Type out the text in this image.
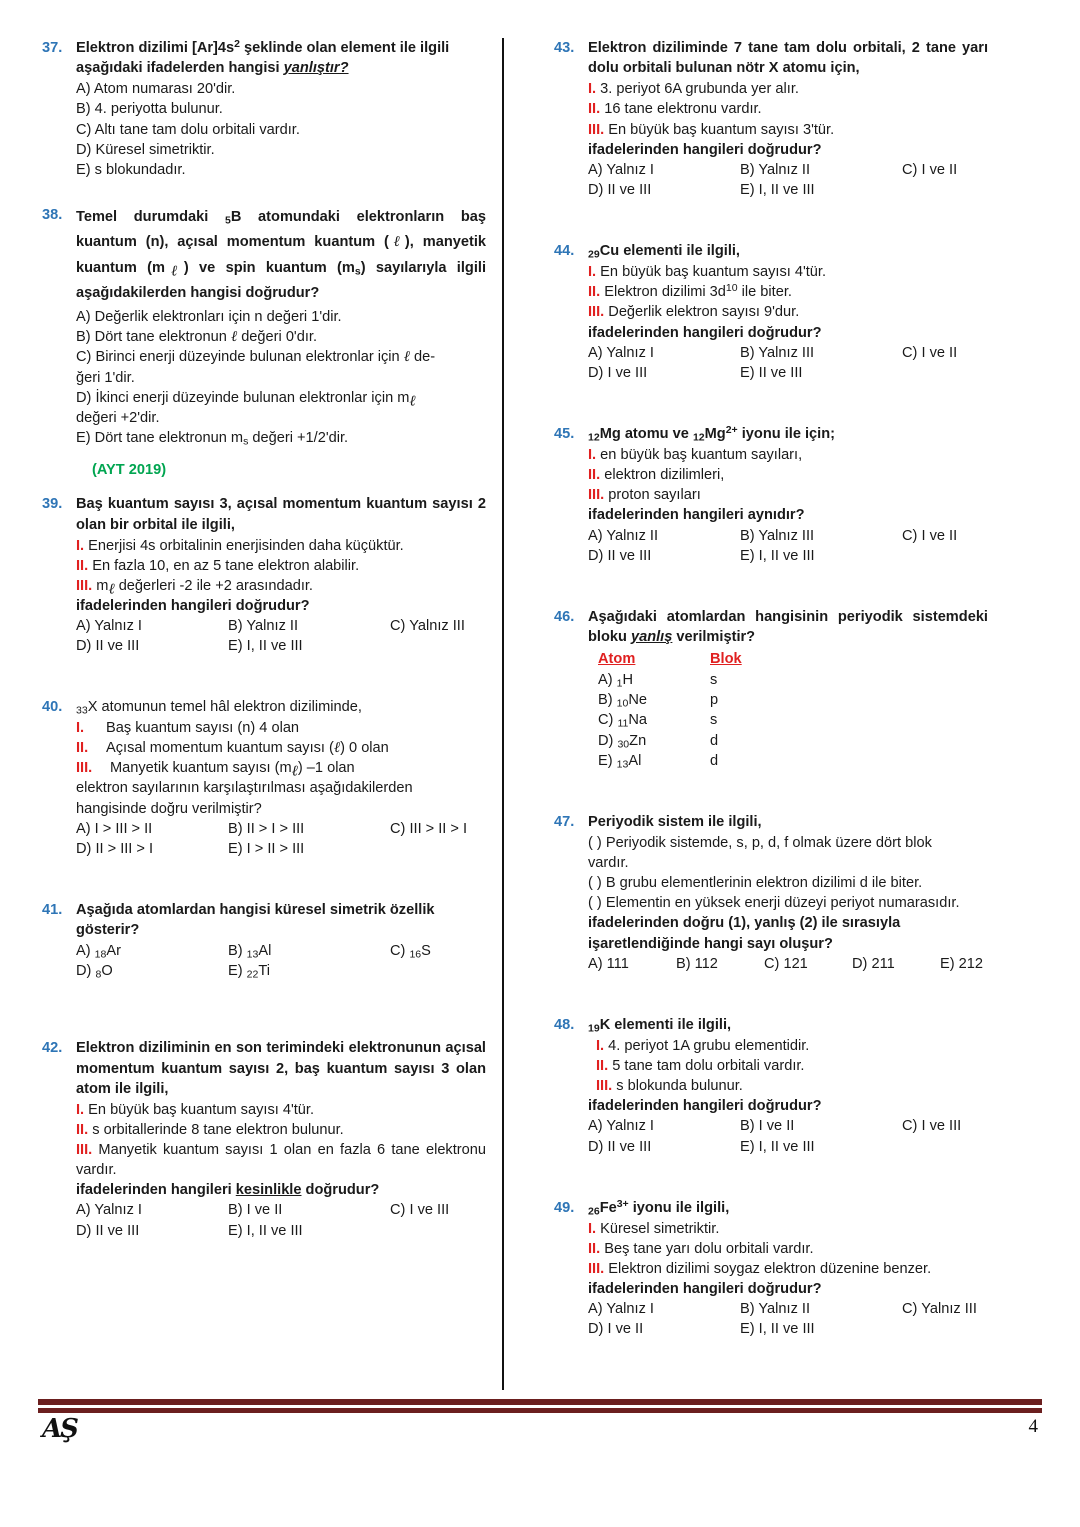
37. Elektron dizilimi $[Ar]4s^2$ şeklinde olan element ile ilgili
aşağıdaki ifadelerden hangisi yanlıştır?
A) Atom numarası 20'dir.
B) 4. periyotta bulunur.
C) Altı tane tam dolu orbitali vardır.
D) Küresel simetriktir.
E) s blokundadır.
38. Temel durumdaki $_5$B atomundaki elektronların baş kuantum (n), açısal momentum kuantum (ℓ), manyetik kuantum $(m_\ell)$ ve spin kuantum $(m_s)$ sayılarıyla ilgili aşağıdakilerden hangisi doğrudur?
A) Değerlik elektronları için n değeri 1'dir.
B) Dört tane elektronun ℓ değeri 0'dır.
C) Birinci enerji düzeyinde bulunan elektronlar için ℓ de-
ğeri 1'dir.
D) İkinci enerji düzeyinde bulunan elektronlar için $m_\ell$
değeri +2'dir.
E) Dört tane elektronun $m_s$ değeri +1/2'dir.
(AYT 2019)
39. Baş kuantum sayısı 3, açısal momentum kuantum sayısı 2 olan bir orbital ile ilgili,
I. Enerjisi 4s orbitalinin enerjisinden daha küçüktür.
II. En fazla 10, en az 5 tane elektron alabilir.
III. $m_\ell$ değerleri -2 ile +2 arasındadır.
ifadelerinden hangileri doğrudur?
A) Yalnız I	B) Yalnız II	C) Yalnız III
D) II ve III	E) I, II ve III
40.	$_{33}$X atomunun temel hâl elektron diziliminde,
I. Baş kuantum sayısı (n) 4 olan
II. Açısal momentum kuantum sayısı (ℓ) 0 olan
III. Manyetik kuantum sayısı $(m_\ell)$ –1 olan
elektron sayılarının karşılaştırılması aşağıdakilerden
hangisinde doğru verilmiştir?
A) I > III > II	B) II > I > III	C) III > II > I
D) II > III > I	E) I > II > III
41. Aşağıda atomlardan hangisi küresel simetrik özellik gösterir?
A) $_{18}$Ar	B) $_{13}$Al	C) $_{16}$S
D) $_8$O	E) $_{22}$Ti
42. Elektron diziliminin en son terimindeki elektronunun açısal momentum kuantum sayısı 2, baş kuantum sayısı 3 olan atom ile ilgili,
I. En büyük baş kuantum sayısı 4'tür.
II. s orbitallerinde 8 tane elektron bulunur.
III. Manyetik kuantum sayısı 1 olan en fazla 6 tane elektronu vardır.
ifadelerinden hangileri kesinlikle doğrudur?
A) Yalnız I	B) I ve II	C) I ve III
D) II ve III	E) I, II ve III
43. Elektron diziliminde 7 tane tam dolu orbitali, 2 tane yarı dolu orbitali bulunan nötr X atomu için,
I. 3. periyot 6A grubunda yer alır.
II. 16 tane elektronu vardır.
III. En büyük baş kuantum sayısı 3'tür.
ifadelerinden hangileri doğrudur?
A) Yalnız I	B) Yalnız II	C) I ve II
D) II ve III	E) I, II ve III
44.	$_{29}$Cu elementi ile ilgili,
I. En büyük baş kuantum sayısı 4'tür.
II. Elektron dizilimi $3d^{10}$ ile biter.
III. Değerlik elektron sayısı 9'dur.
ifadelerinden hangileri doğrudur?
A) Yalnız I	B) Yalnız III	C) I ve II
D) I ve III	E) II ve III
45.	$_{12}$Mg atomu ve $_{12}Mg^{2+}$ iyonu ile için;
I. en büyük baş kuantum sayıları,
II. elektron dizilimleri,
III. proton sayıları
ifadelerinden hangileri aynıdır?
A) Yalnız II	B) Yalnız III	C) I ve II
D) II ve III	E) I, II ve III
46. Aşağıdaki atomlardan hangisinin periyodik sistemdeki bloku yanlış verilmiştir?
Atom	Blok
A) $_1$H	s
B) $_{10}$Ne	p
C) $_{11}$Na	s
D) $_{30}$Zn	d
E) $_{13}$Al	d
47. Periyodik sistem ile ilgili,
( ) Periyodik sistemde, s, p, d, f olmak üzere dört blok
vardır.
( ) B grubu elementlerinin elektron dizilimi d ile biter.
( ) Elementin en yüksek enerji düzeyi periyot numarasıdır.
ifadelerinden doğru (1), yanlış (2) ile sırasıyla
işaretlendiğinde hangi sayı oluşur?
A) 111	B) 112	C) 121	D) 211	E) 212
48.	$_{19}$K elementi ile ilgili,
I. 4. periyot 1A grubu elementidir.
II. 5 tane tam dolu orbitali vardır.
III. s blokunda bulunur.
ifadelerinden hangileri doğrudur?
A) Yalnız I	B) I ve II	C) I ve III
D) II ve III	E) I, II ve III
49.	$_{26}Fe^{3+}$ iyonu ile ilgili,
I. Küresel simetriktir.
II. Beş tane yarı dolu orbitali vardır.
III. Elektron dizilimi soygaz elektron düzenine benzer.
ifadelerinden hangileri doğrudur?
A) Yalnız I	B) Yalnız II	C) Yalnız III
D) I ve II	E) I, II ve III
AŞ	4
